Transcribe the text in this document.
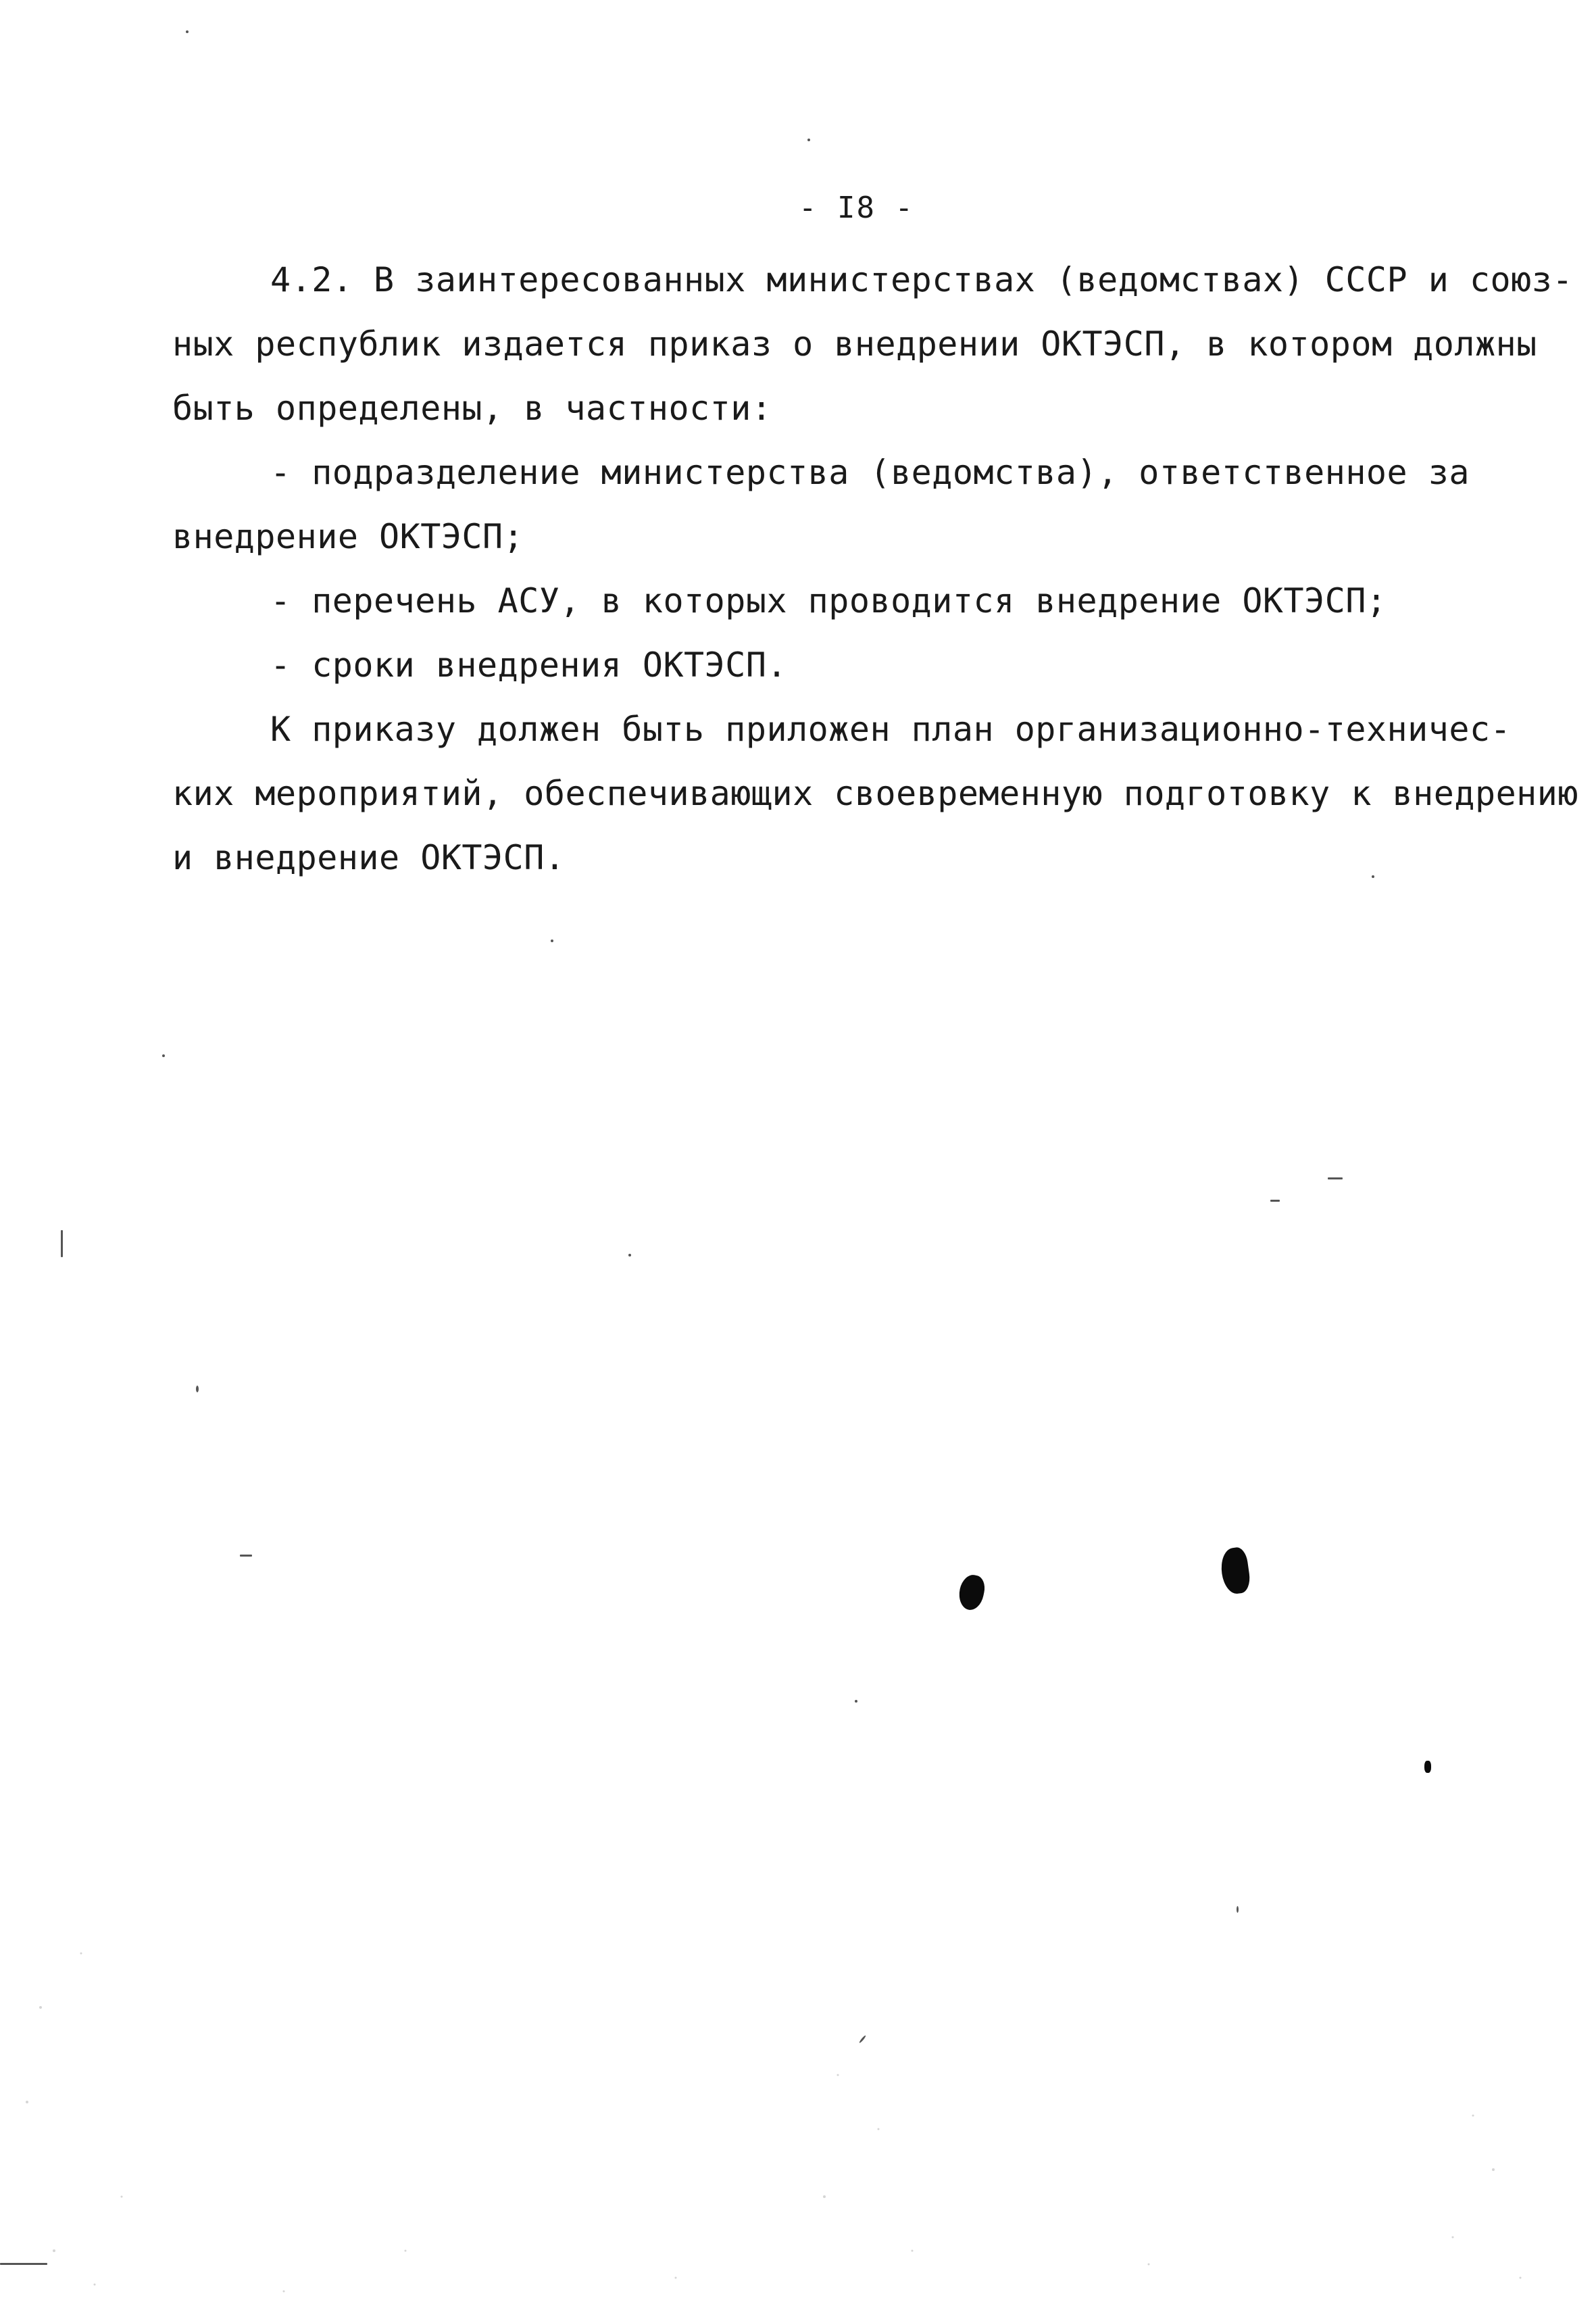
- I8 -
4.2. В заинтересованных министерствах (ведомствах) СССР и союз-
ных республик издается приказ о внедрении ОКТЭСП, в котором должны
быть определены, в частности:
- подразделение министерства (ведомства), ответственное за
внедрение ОКТЭСП;
- перечень АСУ, в которых проводится внедрение ОКТЭСП;
- сроки внедрения ОКТЭСП.
К приказу должен быть приложен план организационно-техничес-
ких мероприятий, обеспечивающих своевременную подготовку к внедрению
и внедрение ОКТЭСП.
